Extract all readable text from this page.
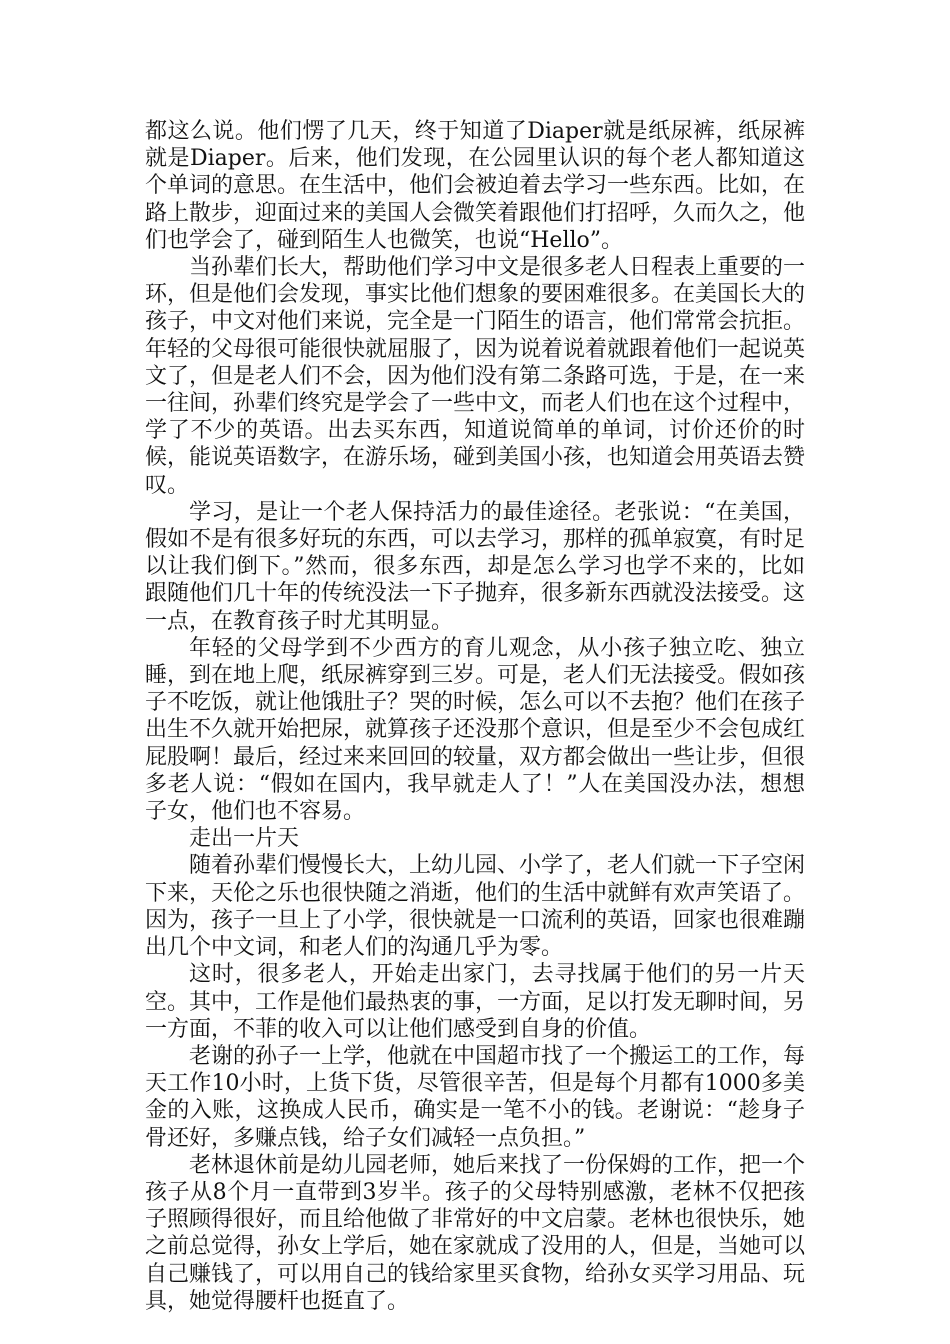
都这么说。他们愣了几天，终于知道了Diaper就是纸尿裤，纸尿裤就是Diaper。后来，他们发现，在公园里认识的每个老人都知道这个单词的意思。在生活中，他们会被迫着去学习一些东西。比如，在路上散步，迎面过来的美国人会微笑着跟他们打招呼，久而久之，他们也学会了，碰到陌生人也微笑，也说“Hello”。

当孙辈们长大，帮助他们学习中文是很多老人日程表上重要的一环，但是他们会发现，事实比他们想象的要困难很多。在美国长大的孩子，中文对他们来说，完全是一门陌生的语言，他们常常会抗拒。年轻的父母很可能很快就屈服了，因为说着说着就跟着他们一起说英文了，但是老人们不会，因为他们没有第二条路可选，于是，在一来一往间，孙辈们终究是学会了一些中文，而老人们也在这个过程中，学了不少的英语。出去买东西，知道说简单的单词，讨价还价的时候，能说英语数字，在游乐场，碰到美国小孩，也知道会用英语去赞叹。

学习，是让一个老人保持活力的最佳途径。老张说：“在美国，假如不是有很多好玩的东西，可以去学习，那样的孤单寂寞，有时足以让我们倒下。”然而，很多东西，却是怎么学习也学不来的，比如跟随他们几十年的传统没法一下子抛弃，很多新东西就没法接受。这一点，在教育孩子时尤其明显。

年轻的父母学到不少西方的育儿观念，从小孩子独立吃、独立睡，到在地上爬，纸尿裤穿到三岁。可是，老人们无法接受。假如孩子不吃饭，就让他饿肚子？哭的时候，怎么可以不去抱？他们在孩子出生不久就开始把尿，就算孩子还没那个意识，但是至少不会包成红屁股啊！最后，经过来来回回的较量，双方都会做出一些让步，但很多老人说：“假如在国内，我早就走人了！”人在美国没办法，想想子女，他们也不容易。

走出一片天

随着孙辈们慢慢长大，上幼儿园、小学了，老人们就一下子空闲下来，天伦之乐也很快随之消逝，他们的生活中就鲜有欢声笑语了。因为，孩子一旦上了小学，很快就是一口流利的英语，回家也很难蹦出几个中文词，和老人们的沟通几乎为零。

这时，很多老人，开始走出家门，去寻找属于他们的另一片天空。其中，工作是他们最热衷的事，一方面，足以打发无聊时间，另一方面，不菲的收入可以让他们感受到自身的价值。

老谢的孙子一上学，他就在中国超市找了一个搬运工的工作，每天工作10小时，上货下货，尽管很辛苦，但是每个月都有1000多美金的入账，这换成人民币，确实是一笔不小的钱。老谢说：“趁身子骨还好，多赚点钱，给子女们减轻一点负担。”

老林退休前是幼儿园老师，她后来找了一份保姆的工作，把一个孩子从8个月一直带到3岁半。孩子的父母特别感激，老林不仅把孩子照顾得很好，而且给他做了非常好的中文启蒙。老林也很快乐，她之前总觉得，孙女上学后，她在家就成了没用的人，但是，当她可以自己赚钱了，可以用自己的钱给家里买食物，给孙女买学习用品、玩具，她觉得腰杆也挺直了。
